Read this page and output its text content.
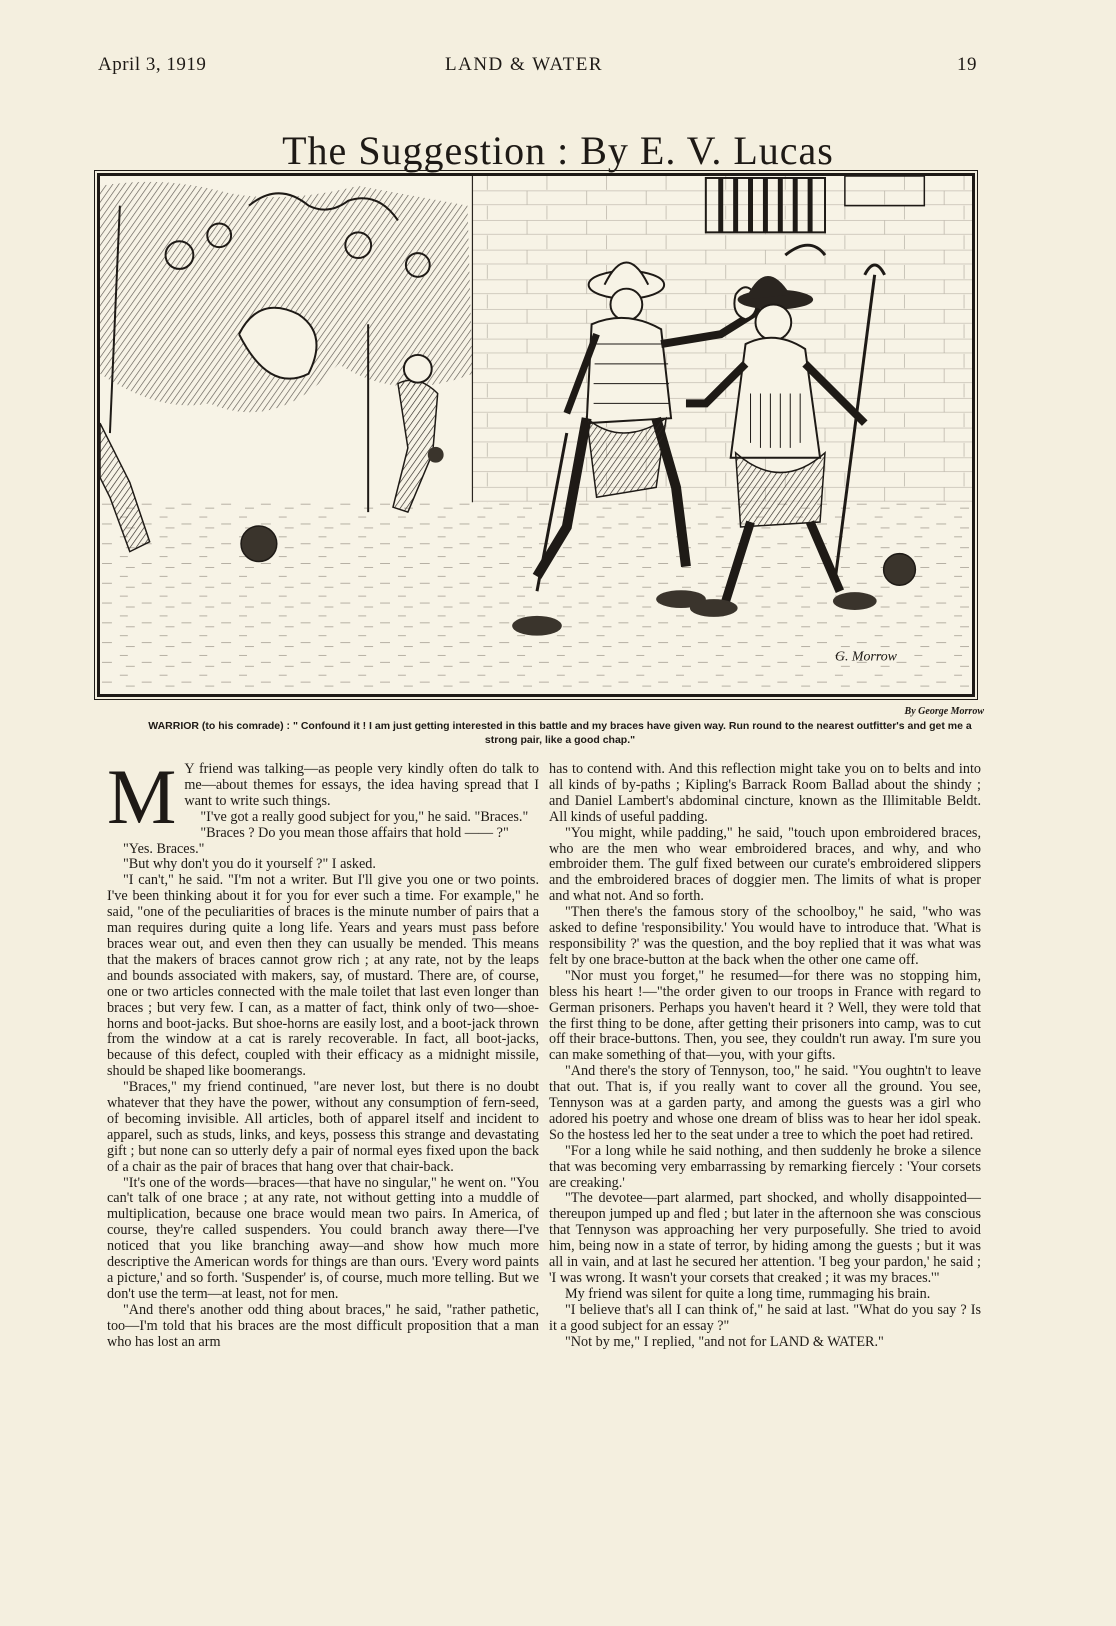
April 3, 1919	LAND & WATER	19
The Suggestion : By E. V. Lucas
G. Morrow
By George Morrow
WARRIOR (to his comrade) : " Confound it ! I am just getting interested in this battle and my braces have given way. Run round to the nearest outfitter's and get me a strong pair, like a good chap."

M Y friend was talking—as people very kindly often do talk to me—about themes for essays, the idea having spread that I want to write such things.

"I've got a really good subject for you," he said. "Braces."

"Braces ? Do you mean those affairs that hold —— ?"

"Yes. Braces."

"But why don't you do it yourself ?" I asked.

"I can't," he said. "I'm not a writer. But I'll give you one or two points. I've been thinking about it for you for ever such a time. For example," he said, "one of the peculiarities of braces is the minute number of pairs that a man requires during quite a long life. Years and years must pass before braces wear out, and even then they can usually be mended. This means that the makers of braces cannot grow rich ; at any rate, not by the leaps and bounds associated with makers, say, of mustard. There are, of course, one or two articles connected with the male toilet that last even longer than braces ; but very few. I can, as a matter of fact, think only of two—shoe-horns and boot-jacks. But shoe-horns are easily lost, and a boot-jack thrown from the window at a cat is rarely recoverable. In fact, all boot-jacks, because of this defect, coupled with their efficacy as a midnight missile, should be shaped like boomerangs.

"Braces," my friend continued, "are never lost, but there is no doubt whatever that they have the power, without any consumption of fern-seed, of becoming invisible. All articles, both of apparel itself and incident to apparel, such as studs, links, and keys, possess this strange and devastating gift ; but none can so utterly defy a pair of normal eyes fixed upon the back of a chair as the pair of braces that hang over that chair-back.

"It's one of the words—braces—that have no singular," he went on. "You can't talk of one brace ; at any rate, not without getting into a muddle of multiplication, because one brace would mean two pairs. In America, of course, they're called suspenders. You could branch away there—I've noticed that you like branching away—and show how much more descriptive the American words for things are than ours. 'Every word paints a picture,' and so forth. 'Suspender' is, of course, much more telling. But we don't use the term—at least, not for men.

"And there's another odd thing about braces," he said, "rather pathetic, too—I'm told that his braces are the most difficult proposition that a man who has lost an arm

has to contend with. And this reflection might take you on to belts and into all kinds of by-paths ; Kipling's Barrack Room Ballad about the shindy ; and Daniel Lambert's abdominal cincture, known as the Illimitable Beldt. All kinds of useful padding.

"You might, while padding," he said, "touch upon embroidered braces, who are the men who wear embroidered braces, and why, and who embroider them. The gulf fixed between our curate's embroidered slippers and the embroidered braces of doggier men. The limits of what is proper and what not. And so forth.

"Then there's the famous story of the schoolboy," he said, "who was asked to define 'responsibility.' You would have to introduce that. 'What is responsibility ?' was the question, and the boy replied that it was what was felt by one brace-button at the back when the other one came off.

"Nor must you forget," he resumed—for there was no stopping him, bless his heart !—"the order given to our troops in France with regard to German prisoners. Perhaps you haven't heard it ? Well, they were told that the first thing to be done, after getting their prisoners into camp, was to cut off their brace-buttons. Then, you see, they couldn't run away. I'm sure you can make something of that—you, with your gifts.

"And there's the story of Tennyson, too," he said. "You oughtn't to leave that out. That is, if you really want to cover all the ground. You see, Tennyson was at a garden party, and among the guests was a girl who adored his poetry and whose one dream of bliss was to hear her idol speak. So the hostess led her to the seat under a tree to which the poet had retired.

"For a long while he said nothing, and then suddenly he broke a silence that was becoming very embarrassing by remarking fiercely : 'Your corsets are creaking.'

"The devotee—part alarmed, part shocked, and wholly disappointed—thereupon jumped up and fled ; but later in the afternoon she was conscious that Tennyson was approaching her very purposefully. She tried to avoid him, being now in a state of terror, by hiding among the guests ; but it was all in vain, and at last he secured her attention. 'I beg your pardon,' he said ; 'I was wrong. It wasn't your corsets that creaked ; it was my braces.'"

My friend was silent for quite a long time, rummaging his brain.

"I believe that's all I can think of," he said at last. "What do you say ? Is it a good subject for an essay ?"

"Not by me," I replied, "and not for LAND & WATER."
